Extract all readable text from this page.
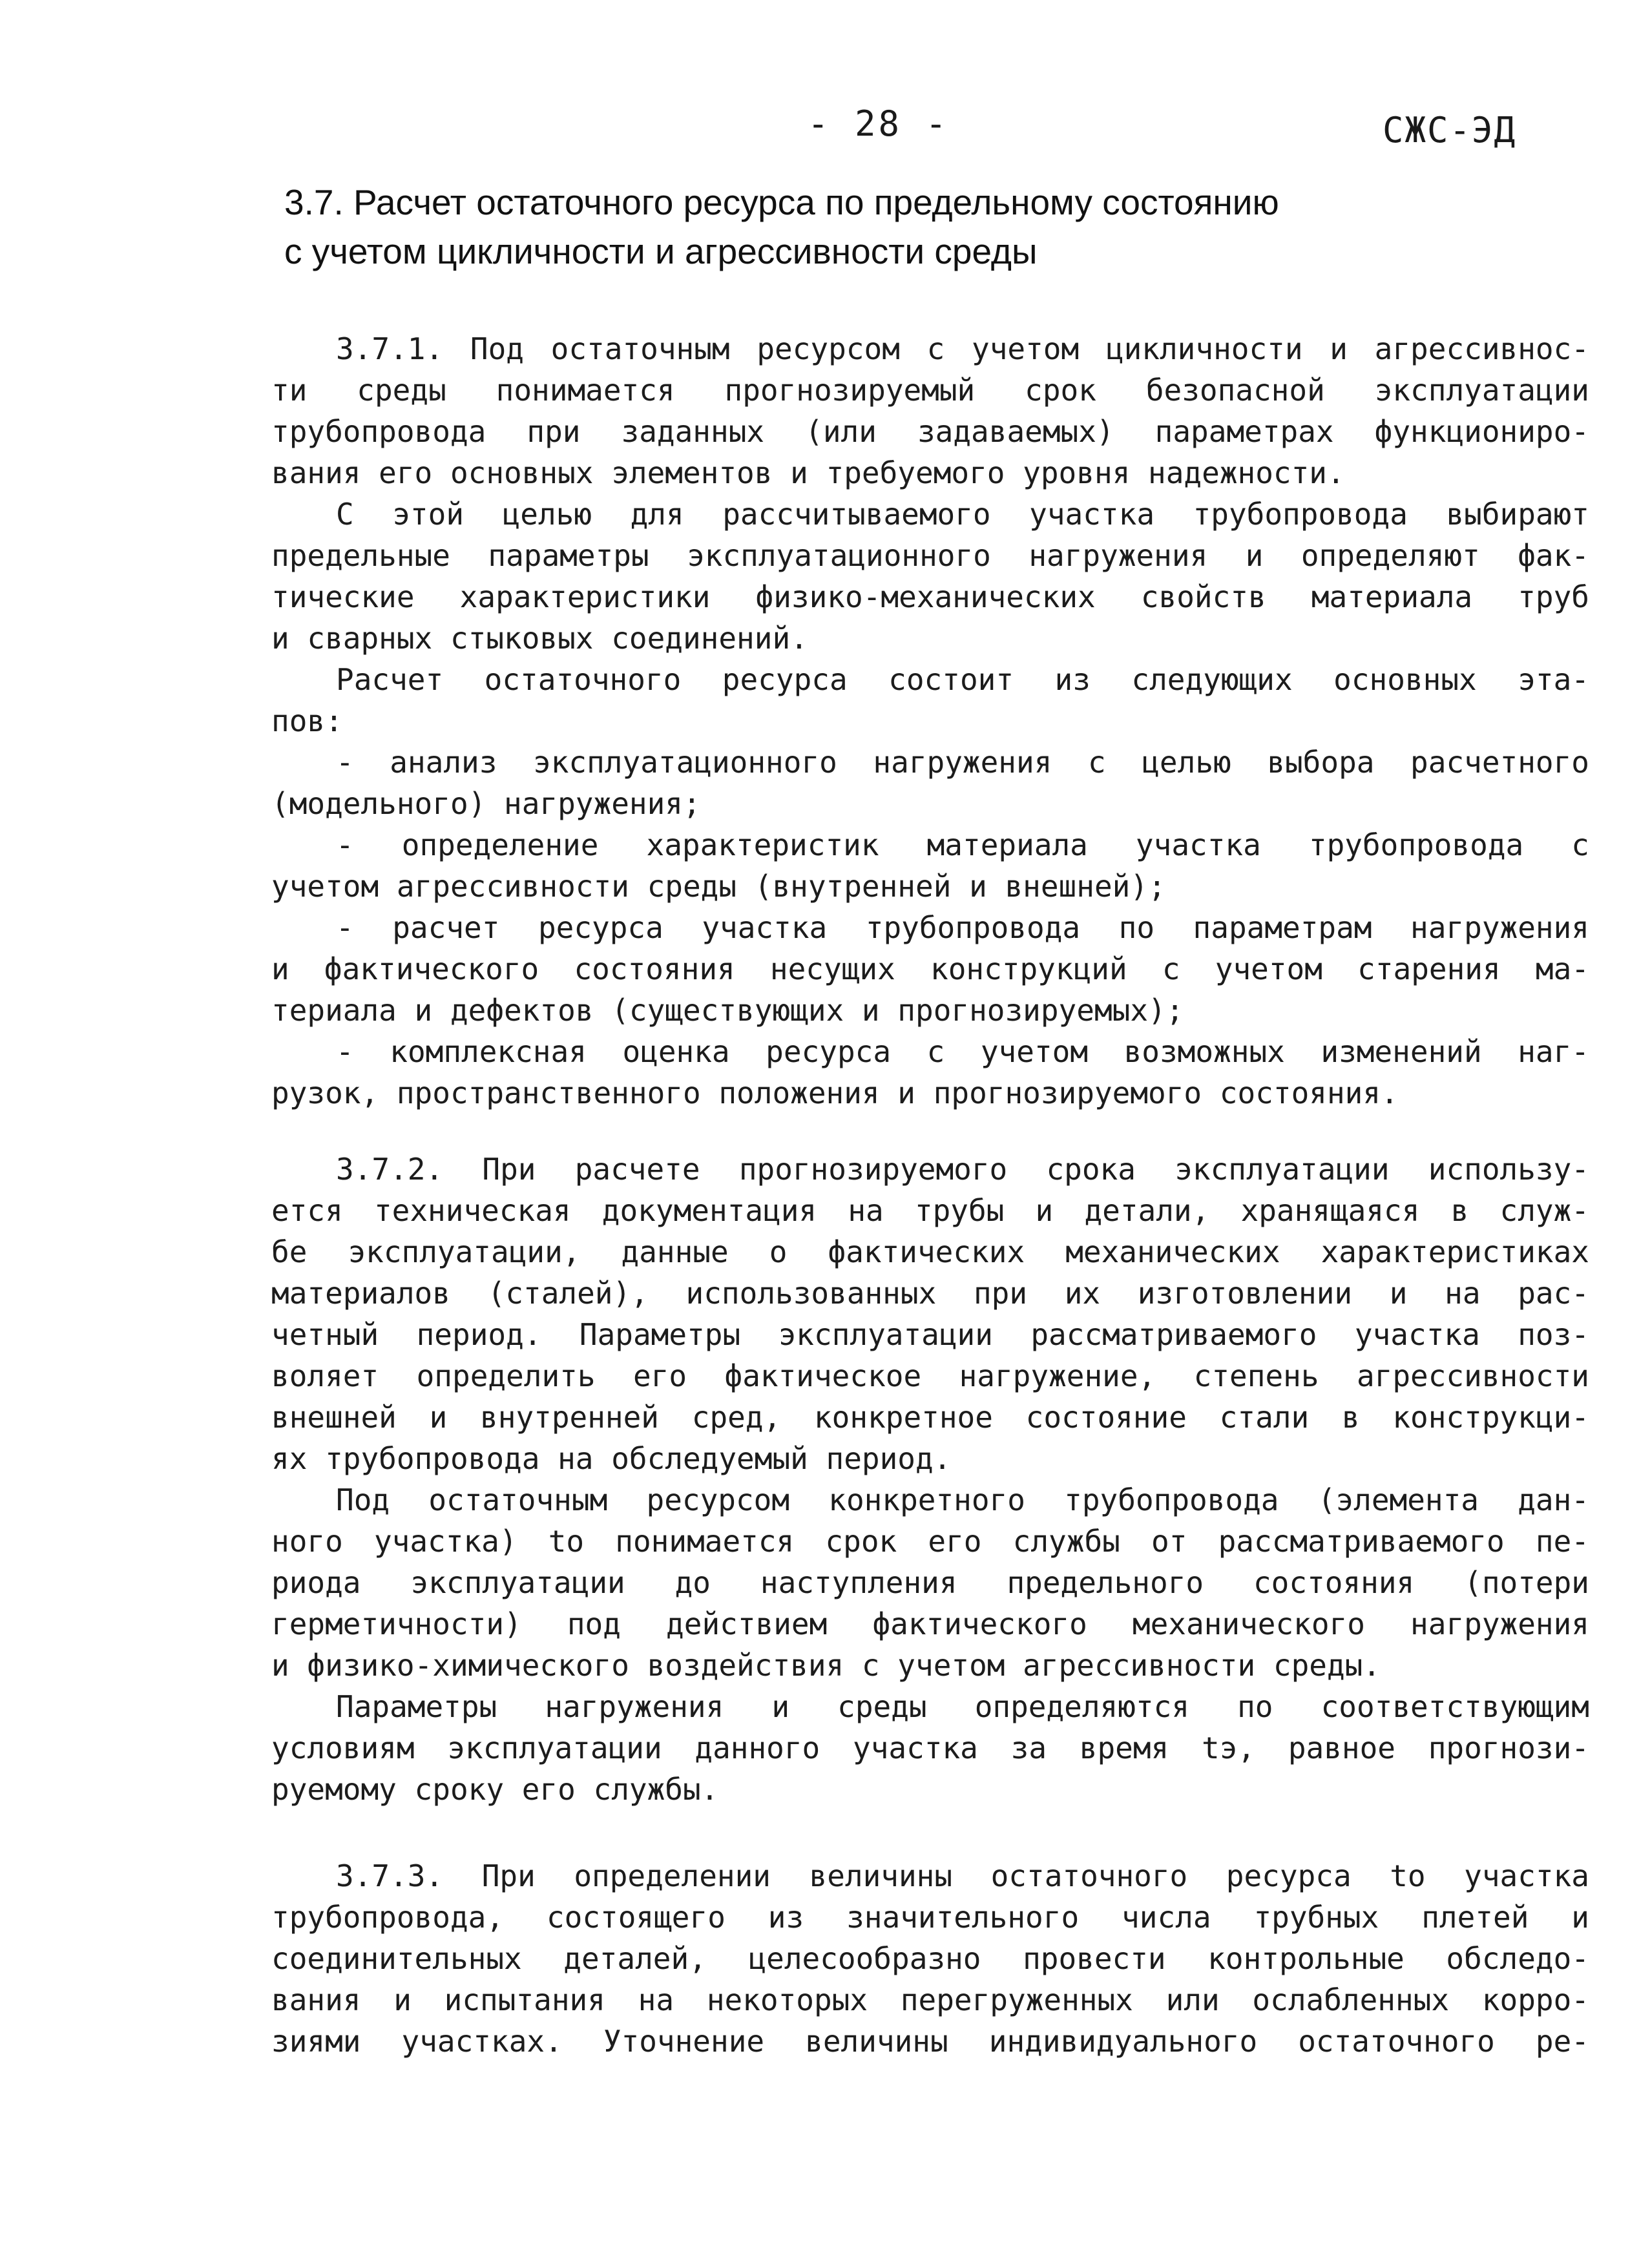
- 28 -	СЖС-ЭД
3.7. Расчет остаточного ресурса по предельному состоянию
с учетом цикличности и агрессивности среды
3.7.1. Под остаточным ресурсом с учетом цикличности и агрессивнос-
ти среды понимается прогнозируемый срок безопасной эксплуатации
трубопровода при заданных (или задаваемых) параметрах функциониро-
вания его основных элементов и требуемого уровня надежности.
С этой целью для рассчитываемого участка трубопровода выбирают
предельные параметры эксплуатационного нагружения и определяют фак-
тические характеристики физико-механических свойств материала труб
и сварных стыковых соединений.
Расчет остаточного ресурса состоит из следующих основных эта-
пов:
- анализ эксплуатационного нагружения с целью выбора расчетного
(модельного) нагружения;
- определение характеристик материала участка трубопровода с
учетом агрессивности среды (внутренней и внешней);
- расчет ресурса участка трубопровода по параметрам нагружения
и фактического состояния несущих конструкций с учетом старения ма-
териала и дефектов (существующих и прогнозируемых);
- комплексная оценка ресурса с учетом возможных изменений наг-
рузок, пространственного положения и прогнозируемого состояния.
3.7.2. При расчете прогнозируемого срока эксплуатации использу-
ется техническая документация на трубы и детали, хранящаяся в служ-
бе эксплуатации, данные о фактических механических характеристиках
материалов (сталей), использованных при их изготовлении и на рас-
четный период. Параметры эксплуатации рассматриваемого участка поз-
воляет определить его фактическое нагружение, степень агрессивности
внешней и внутренней сред, конкретное состояние стали в конструкци-
ях трубопровода на обследуемый период.
Под остаточным ресурсом конкретного трубопровода (элемента дан-
ного участка) tо понимается срок его службы от рассматриваемого пе-
риода эксплуатации до наступления предельного состояния (потери
герметичности) под действием фактического механического нагружения
и физико-химического воздействия с учетом агрессивности среды.
Параметры нагружения и среды определяются по соответствующим
условиям эксплуатации данного участка за время tэ, равное прогнози-
руемому сроку его службы.
3.7.3. При определении величины остаточного ресурса tо участка
трубопровода, состоящего из значительного числа трубных плетей и
соединительных деталей, целесообразно провести контрольные обследо-
вания и испытания на некоторых перегруженных или ослабленных корро-
зиями участках. Уточнение величины индивидуального остаточного ре-
